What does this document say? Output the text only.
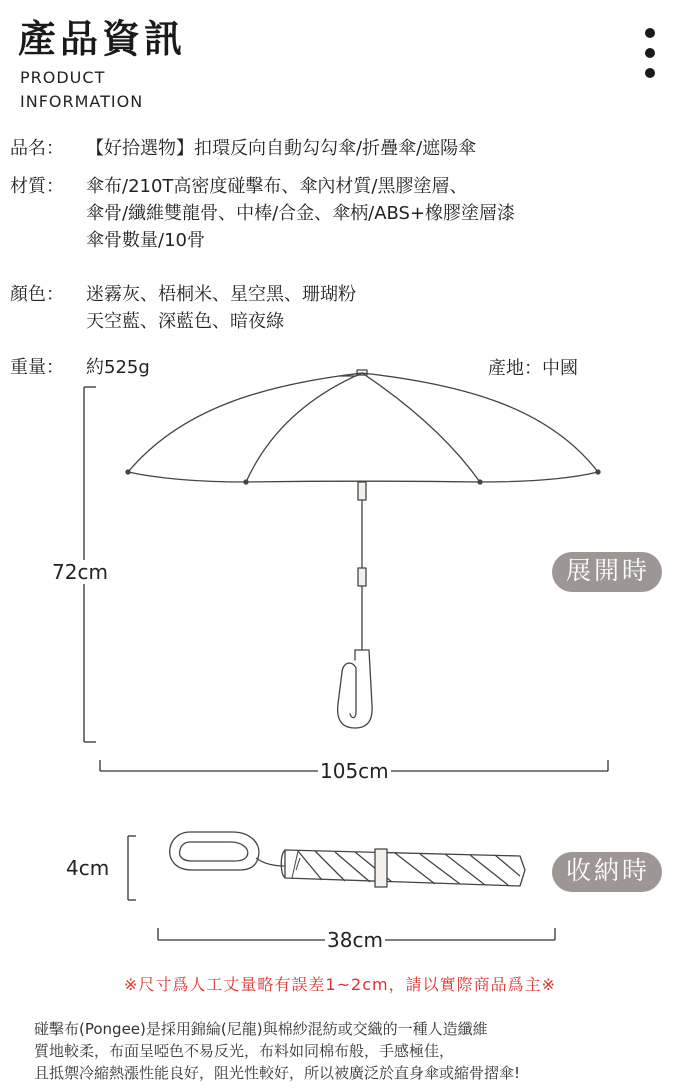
產品資訊
PRODUCT
INFORMATION
品名： 【好拾選物】扣環反向自動勾勾傘/折疊傘/遮陽傘
材質： 傘布/210T高密度碰擊布、傘內材質/黑膠塗層、
傘骨/纖維雙龍骨、中棒/合金、傘柄/ABS+橡膠塗層漆
傘骨數量/10骨
顏色： 迷霧灰、梧桐米、星空黑、珊瑚粉
天空藍、深藍色、暗夜綠
重量： 約525g	產地：中國
72cm
105cm
展開時
4cm
38cm
收納時
※尺寸爲人工丈量略有誤差1~2cm，請以實際商品爲主※
碰擊布(Pongee)是採用錦綸(尼龍)與棉紗混紡或交織的一種人造纖維
質地較柔，布面呈啞色不易反光，布料如同棉布般，手感極佳，
且抵禦冷縮熱漲性能良好，阻光性較好，所以被廣泛於直身傘或縮骨摺傘!
